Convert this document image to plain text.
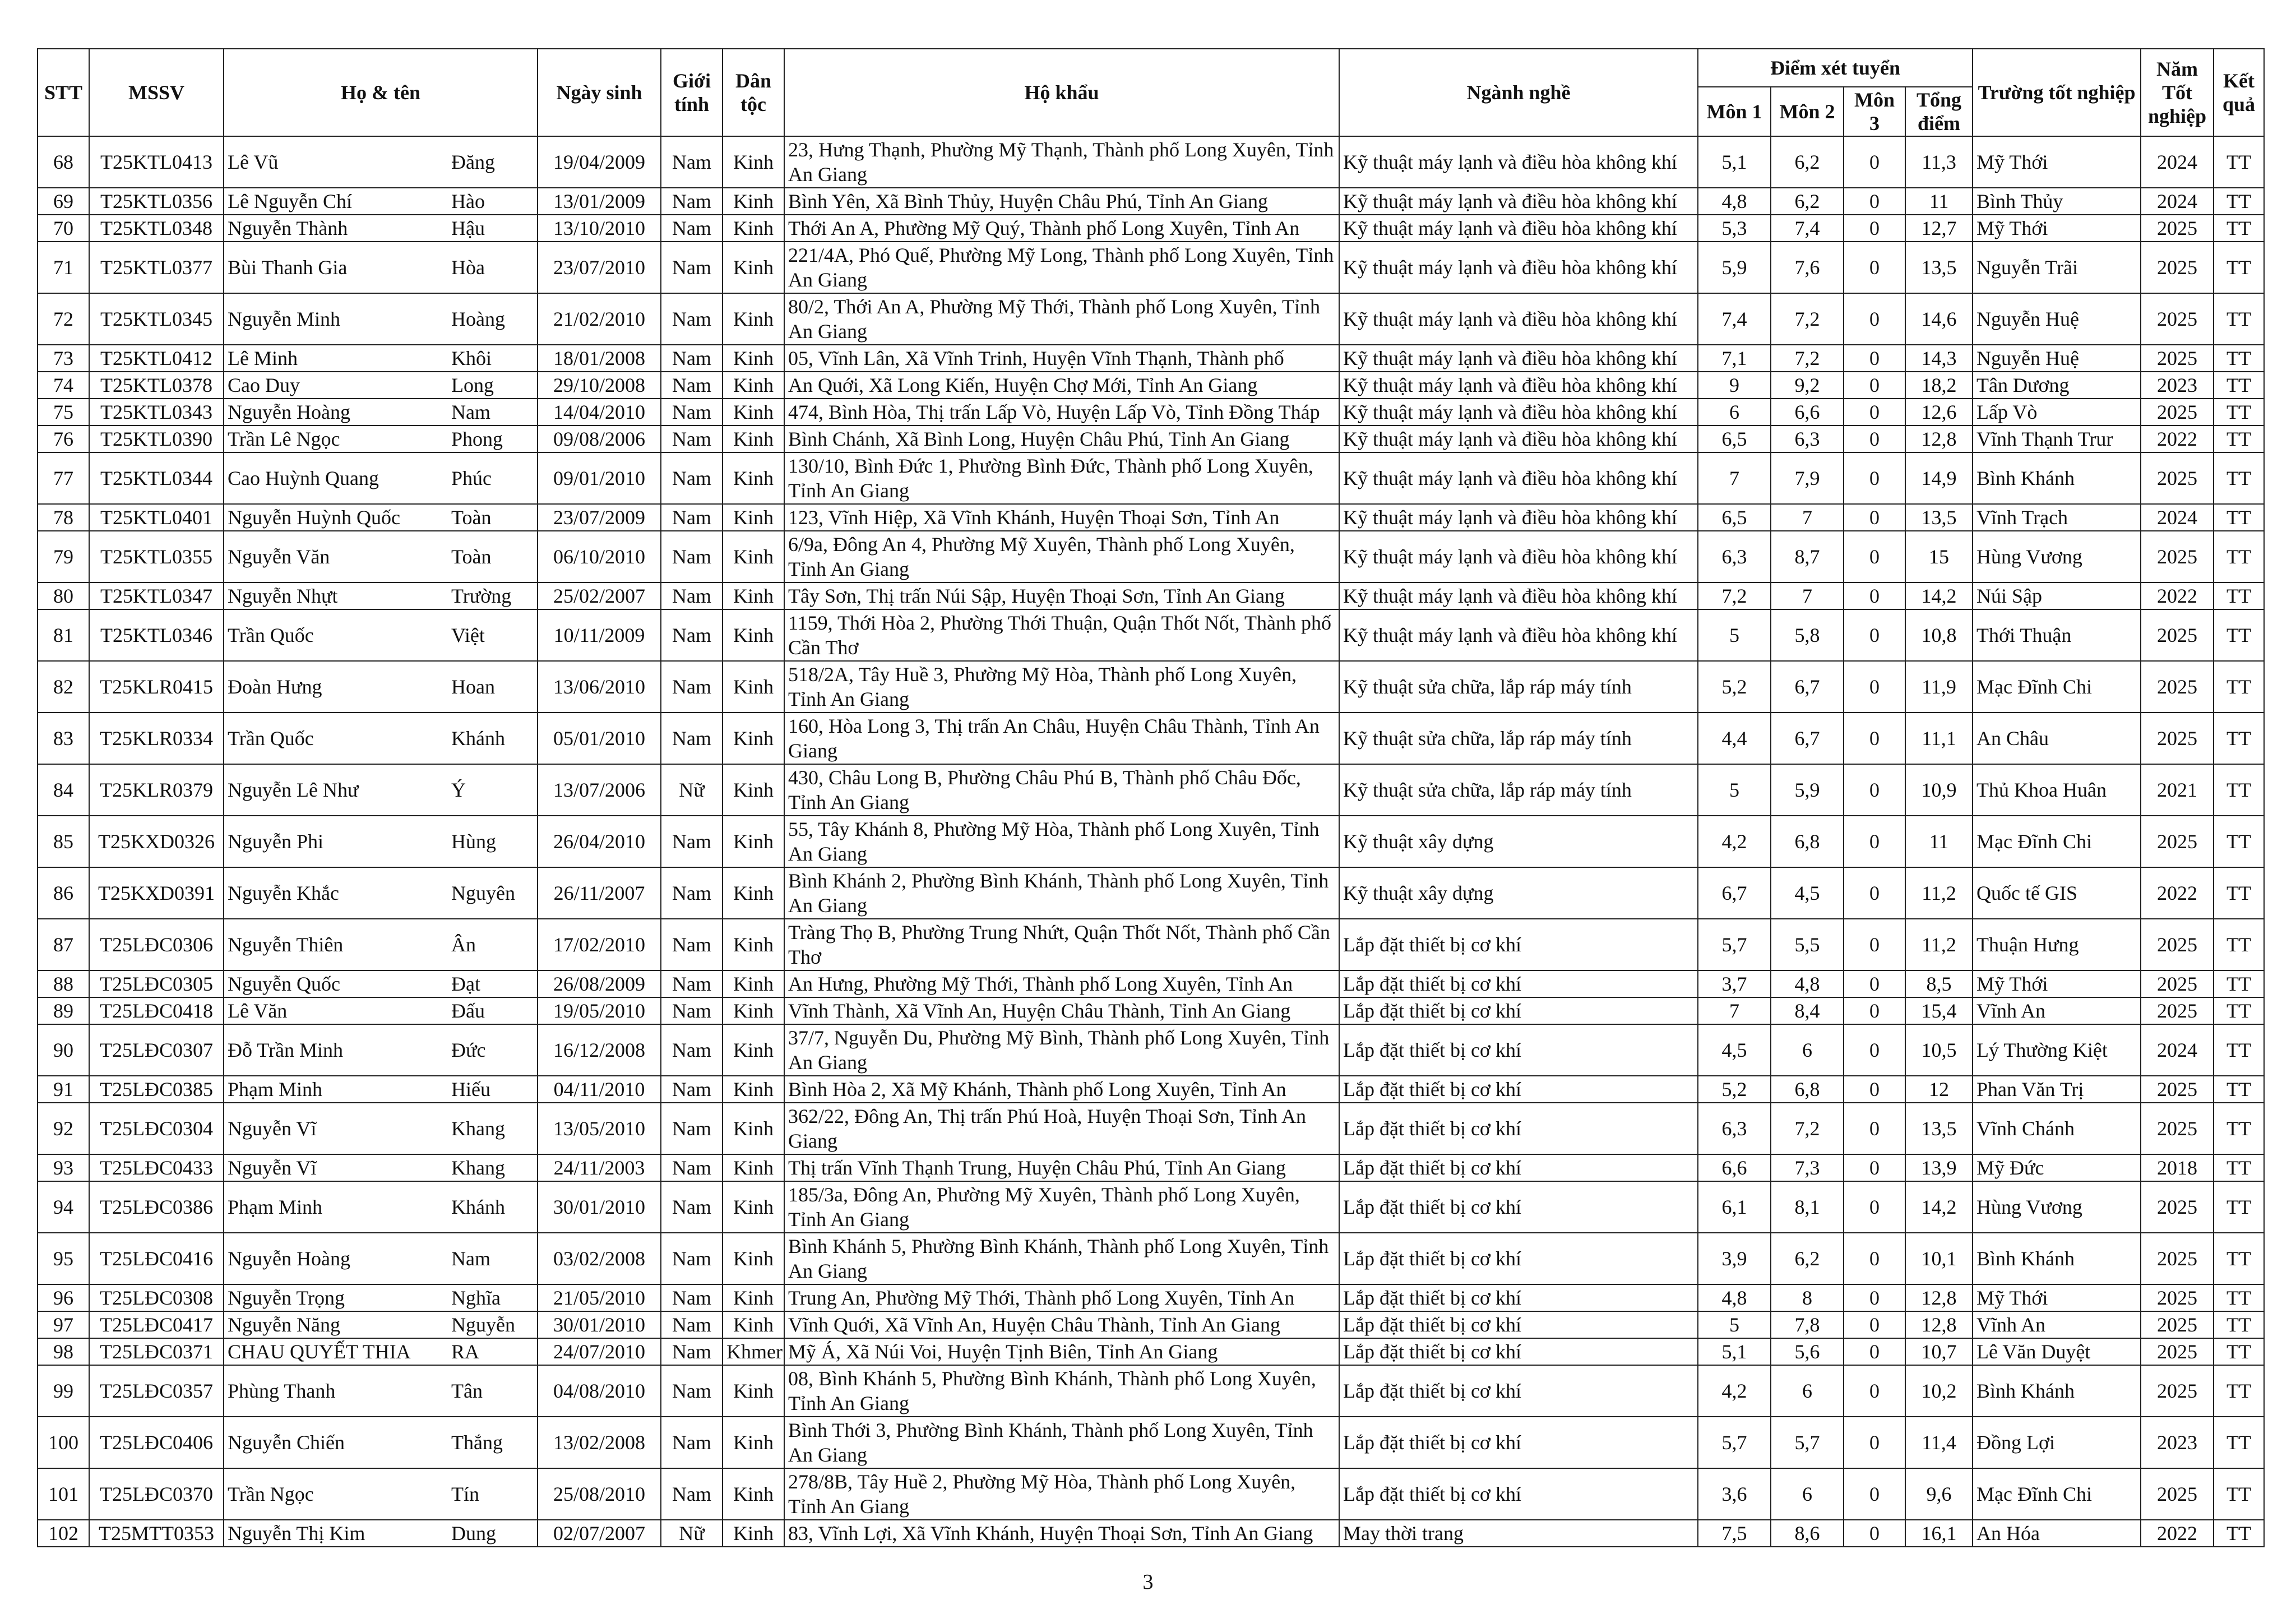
STT	MSSV	Họ & tên		Ngày sinh	Giới tính	Dân tộc	Hộ khẩu	Ngành nghề	Điểm xét tuyển				Trường tốt nghiệp	Năm Tốt nghiệp	Kết quả
									Môn 1	Môn 2	Môn 3	Tổng điểm			
68	T25KTL0413	Lê Vũ	Đăng	19/04/2009	Nam	Kinh	23, Hưng Thạnh, Phường Mỹ Thạnh, Thành phố Long Xuyên, Tỉnh An Giang	Kỹ thuật máy lạnh và điều hòa không khí	5,1	6,2	0	11,3	Mỹ Thới	2024	TT
69	T25KTL0356	Lê Nguyễn Chí	Hào	13/01/2009	Nam	Kinh	Bình Yên, Xã Bình Thủy, Huyện Châu Phú, Tỉnh An Giang	Kỹ thuật máy lạnh và điều hòa không khí	4,8	6,2	0	11	Bình Thủy	2024	TT
70	T25KTL0348	Nguyễn Thành	Hậu	13/10/2010	Nam	Kinh	Thới An A, Phường Mỹ Quý, Thành phố Long Xuyên, Tỉnh An	Kỹ thuật máy lạnh và điều hòa không khí	5,3	7,4	0	12,7	Mỹ Thới	2025	TT
71	T25KTL0377	Bùi Thanh Gia	Hòa	23/07/2010	Nam	Kinh	221/4A, Phó Quế, Phường Mỹ Long, Thành phố Long Xuyên, Tỉnh An Giang	Kỹ thuật máy lạnh và điều hòa không khí	5,9	7,6	0	13,5	Nguyễn Trãi	2025	TT
72	T25KTL0345	Nguyễn Minh	Hoàng	21/02/2010	Nam	Kinh	80/2, Thới An A, Phường Mỹ Thới, Thành phố Long Xuyên, Tỉnh An Giang	Kỹ thuật máy lạnh và điều hòa không khí	7,4	7,2	0	14,6	Nguyễn Huệ	2025	TT
73	T25KTL0412	Lê Minh	Khôi	18/01/2008	Nam	Kinh	05, Vĩnh Lân, Xã Vĩnh Trinh, Huyện Vĩnh Thạnh, Thành phố	Kỹ thuật máy lạnh và điều hòa không khí	7,1	7,2	0	14,3	Nguyễn Huệ	2025	TT
74	T25KTL0378	Cao Duy	Long	29/10/2008	Nam	Kinh	An Quới, Xã Long Kiến, Huyện Chợ Mới, Tỉnh An Giang	Kỹ thuật máy lạnh và điều hòa không khí	9	9,2	0	18,2	Tân Dương	2023	TT
75	T25KTL0343	Nguyễn Hoàng	Nam	14/04/2010	Nam	Kinh	474, Bình Hòa, Thị trấn Lấp Vò, Huyện Lấp Vò, Tỉnh Đồng Tháp	Kỹ thuật máy lạnh và điều hòa không khí	6	6,6	0	12,6	Lấp Vò	2025	TT
76	T25KTL0390	Trần Lê Ngọc	Phong	09/08/2006	Nam	Kinh	Bình Chánh, Xã Bình Long, Huyện Châu Phú, Tỉnh An Giang	Kỹ thuật máy lạnh và điều hòa không khí	6,5	6,3	0	12,8	Vĩnh Thạnh Trur	2022	TT
77	T25KTL0344	Cao Huỳnh Quang	Phúc	09/01/2010	Nam	Kinh	130/10, Bình Đức 1, Phường Bình Đức, Thành phố Long Xuyên, Tỉnh An Giang	Kỹ thuật máy lạnh và điều hòa không khí	7	7,9	0	14,9	Bình Khánh	2025	TT
78	T25KTL0401	Nguyễn Huỳnh Quốc	Toàn	23/07/2009	Nam	Kinh	123, Vĩnh Hiệp, Xã Vĩnh Khánh, Huyện Thoại Sơn, Tỉnh An	Kỹ thuật máy lạnh và điều hòa không khí	6,5	7	0	13,5	Vĩnh Trạch	2024	TT
79	T25KTL0355	Nguyễn Văn	Toàn	06/10/2010	Nam	Kinh	6/9a, Đông An 4, Phường Mỹ Xuyên, Thành phố Long Xuyên, Tỉnh An Giang	Kỹ thuật máy lạnh và điều hòa không khí	6,3	8,7	0	15	Hùng Vương	2025	TT
80	T25KTL0347	Nguyễn Nhựt	Trường	25/02/2007	Nam	Kinh	Tây Sơn, Thị trấn Núi Sập, Huyện Thoại Sơn, Tỉnh An Giang	Kỹ thuật máy lạnh và điều hòa không khí	7,2	7	0	14,2	Núi Sập	2022	TT
81	T25KTL0346	Trần Quốc	Việt	10/11/2009	Nam	Kinh	1159, Thới Hòa 2, Phường Thới Thuận, Quận Thốt Nốt, Thành phố Cần Thơ	Kỹ thuật máy lạnh và điều hòa không khí	5	5,8	0	10,8	Thới Thuận	2025	TT
82	T25KLR0415	Đoàn Hưng	Hoan	13/06/2010	Nam	Kinh	518/2A, Tây Huề 3, Phường Mỹ Hòa, Thành phố Long Xuyên, Tỉnh An Giang	Kỹ thuật sửa chữa, lắp ráp máy tính	5,2	6,7	0	11,9	Mạc Đĩnh Chi	2025	TT
83	T25KLR0334	Trần Quốc	Khánh	05/01/2010	Nam	Kinh	160, Hòa Long 3, Thị trấn An Châu, Huyện Châu Thành, Tỉnh An Giang	Kỹ thuật sửa chữa, lắp ráp máy tính	4,4	6,7	0	11,1	An Châu	2025	TT
84	T25KLR0379	Nguyễn Lê Như	Ý	13/07/2006	Nữ	Kinh	430, Châu Long B, Phường Châu Phú B, Thành phố Châu Đốc, Tỉnh An Giang	Kỹ thuật sửa chữa, lắp ráp máy tính	5	5,9	0	10,9	Thủ Khoa Huân	2021	TT
85	T25KXD0326	Nguyễn Phi	Hùng	26/04/2010	Nam	Kinh	55, Tây Khánh 8, Phường Mỹ Hòa, Thành phố Long Xuyên, Tỉnh An Giang	Kỹ thuật xây dựng	4,2	6,8	0	11	Mạc Đĩnh Chi	2025	TT
86	T25KXD0391	Nguyễn Khắc	Nguyên	26/11/2007	Nam	Kinh	Bình Khánh 2, Phường Bình Khánh, Thành phố Long Xuyên, Tỉnh An Giang	Kỹ thuật xây dựng	6,7	4,5	0	11,2	Quốc tế GIS	2022	TT
87	T25LĐC0306	Nguyễn Thiên	Ân	17/02/2010	Nam	Kinh	Tràng Thọ B, Phường Trung Nhứt, Quận Thốt Nốt, Thành phố Cần Thơ	Lắp đặt thiết bị cơ khí	5,7	5,5	0	11,2	Thuận Hưng	2025	TT
88	T25LĐC0305	Nguyễn Quốc	Đạt	26/08/2009	Nam	Kinh	An Hưng, Phường Mỹ Thới, Thành phố Long Xuyên, Tỉnh An	Lắp đặt thiết bị cơ khí	3,7	4,8	0	8,5	Mỹ Thới	2025	TT
89	T25LĐC0418	Lê Văn	Đấu	19/05/2010	Nam	Kinh	Vĩnh Thành, Xã Vĩnh An, Huyện Châu Thành, Tỉnh An Giang	Lắp đặt thiết bị cơ khí	7	8,4	0	15,4	Vĩnh An	2025	TT
90	T25LĐC0307	Đỗ Trần Minh	Đức	16/12/2008	Nam	Kinh	37/7, Nguyễn Du, Phường Mỹ Bình, Thành phố Long Xuyên, Tỉnh An Giang	Lắp đặt thiết bị cơ khí	4,5	6	0	10,5	Lý Thường Kiệt	2024	TT
91	T25LĐC0385	Phạm Minh	Hiếu	04/11/2010	Nam	Kinh	Bình Hòa 2, Xã Mỹ Khánh, Thành phố Long Xuyên, Tỉnh An	Lắp đặt thiết bị cơ khí	5,2	6,8	0	12	Phan Văn Trị	2025	TT
92	T25LĐC0304	Nguyễn Vĩ	Khang	13/05/2010	Nam	Kinh	362/22, Đông An, Thị trấn Phú Hoà, Huyện Thoại Sơn, Tỉnh An Giang	Lắp đặt thiết bị cơ khí	6,3	7,2	0	13,5	Vĩnh Chánh	2025	TT
93	T25LĐC0433	Nguyễn Vĩ	Khang	24/11/2003	Nam	Kinh	Thị trấn Vĩnh Thạnh Trung, Huyện Châu Phú, Tỉnh An Giang	Lắp đặt thiết bị cơ khí	6,6	7,3	0	13,9	Mỹ Đức	2018	TT
94	T25LĐC0386	Phạm Minh	Khánh	30/01/2010	Nam	Kinh	185/3a, Đông An, Phường Mỹ Xuyên, Thành phố Long Xuyên, Tỉnh An Giang	Lắp đặt thiết bị cơ khí	6,1	8,1	0	14,2	Hùng Vương	2025	TT
95	T25LĐC0416	Nguyễn Hoàng	Nam	03/02/2008	Nam	Kinh	Bình Khánh 5, Phường Bình Khánh, Thành phố Long Xuyên, Tỉnh An Giang	Lắp đặt thiết bị cơ khí	3,9	6,2	0	10,1	Bình Khánh	2025	TT
96	T25LĐC0308	Nguyễn Trọng	Nghĩa	21/05/2010	Nam	Kinh	Trung An, Phường Mỹ Thới, Thành phố Long Xuyên, Tỉnh An	Lắp đặt thiết bị cơ khí	4,8	8	0	12,8	Mỹ Thới	2025	TT
97	T25LĐC0417	Nguyễn Năng	Nguyễn	30/01/2010	Nam	Kinh	Vĩnh Quới, Xã Vĩnh An, Huyện Châu Thành, Tỉnh An Giang	Lắp đặt thiết bị cơ khí	5	7,8	0	12,8	Vĩnh An	2025	TT
98	T25LĐC0371	CHAU QUYẾT THIA	RA	24/07/2010	Nam	Khmer	Mỹ Á, Xã Núi Voi, Huyện Tịnh Biên, Tỉnh An Giang	Lắp đặt thiết bị cơ khí	5,1	5,6	0	10,7	Lê Văn Duyệt	2025	TT
99	T25LĐC0357	Phùng Thanh	Tân	04/08/2010	Nam	Kinh	08, Bình Khánh 5, Phường Bình Khánh, Thành phố Long Xuyên, Tỉnh An Giang	Lắp đặt thiết bị cơ khí	4,2	6	0	10,2	Bình Khánh	2025	TT
100	T25LĐC0406	Nguyễn Chiến	Thắng	13/02/2008	Nam	Kinh	Bình Thới 3, Phường Bình Khánh, Thành phố Long Xuyên, Tỉnh An Giang	Lắp đặt thiết bị cơ khí	5,7	5,7	0	11,4	Đồng Lợi	2023	TT
101	T25LĐC0370	Trần Ngọc	Tín	25/08/2010	Nam	Kinh	278/8B, Tây Huề 2, Phường Mỹ Hòa, Thành phố Long Xuyên, Tỉnh An Giang	Lắp đặt thiết bị cơ khí	3,6	6	0	9,6	Mạc Đĩnh Chi	2025	TT
102	T25MTT0353	Nguyễn Thị Kim	Dung	02/07/2007	Nữ	Kinh	83, Vĩnh Lợi, Xã Vĩnh Khánh, Huyện Thoại Sơn, Tỉnh An Giang	May thời trang	7,5	8,6	0	16,1	An Hóa	2022	TT
3
